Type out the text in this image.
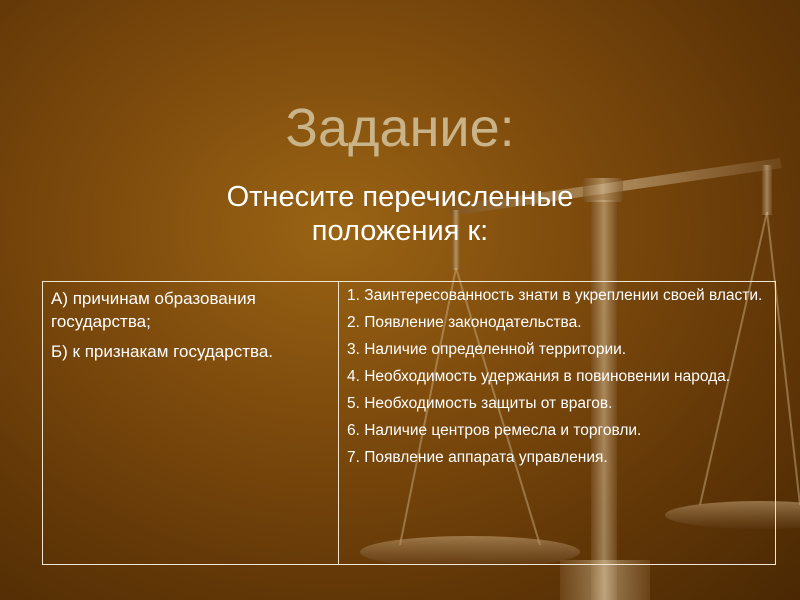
Задание:
Отнесите перечисленные
положения к:
А) причинам образования государства;
Б) к признакам государства.
1. Заинтересованность знати в укреплении своей власти.
2. Появление законодательства.
3. Наличие определенной территории.
4. Необходимость удержания в повиновении народа.
5. Необходимость защиты от врагов.
6. Наличие центров ремесла и торговли.
7. Появление аппарата управления.
